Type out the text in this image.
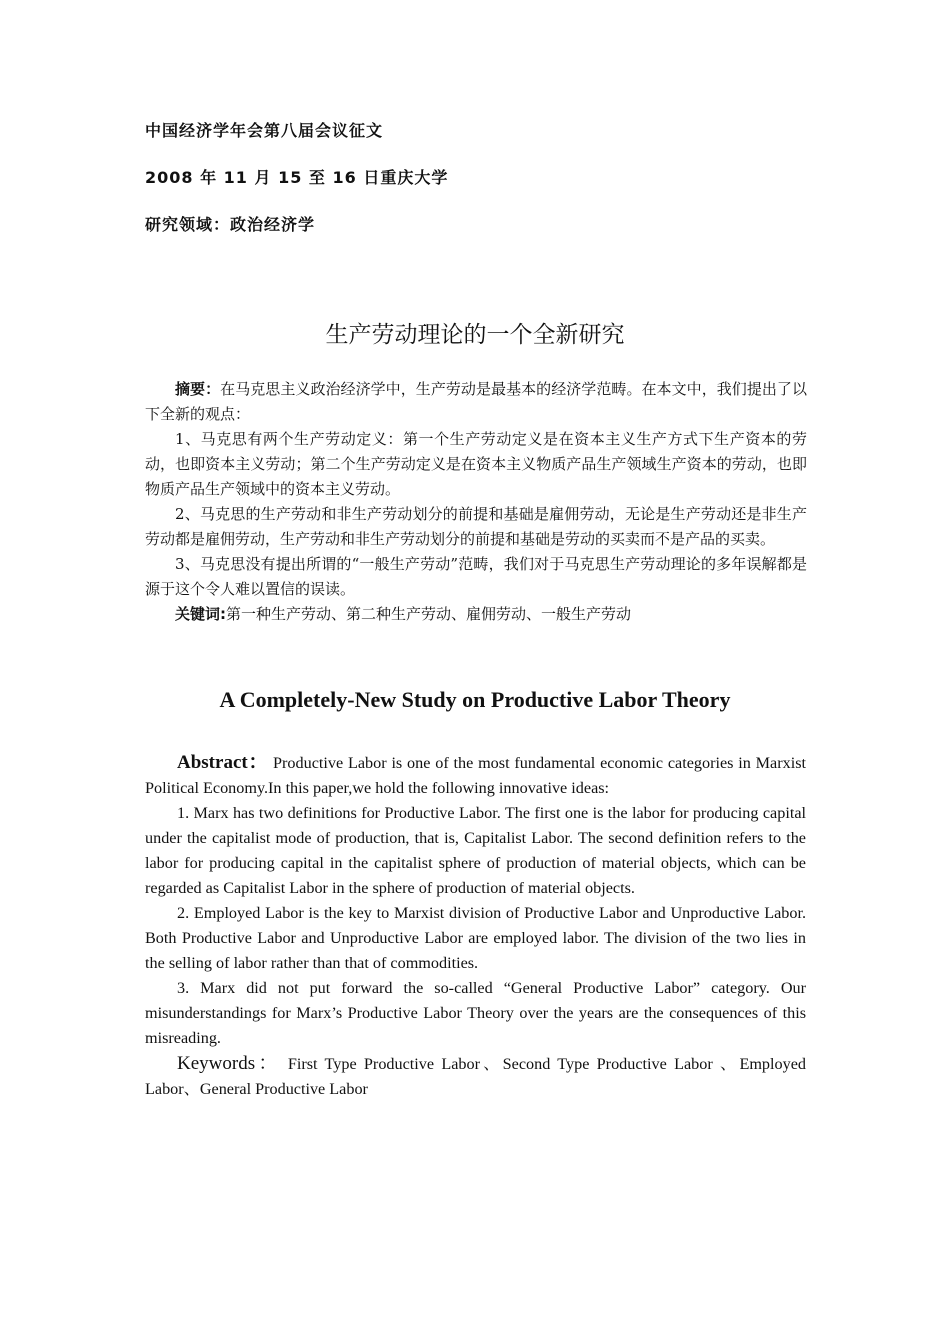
中国经济学年会第八届会议征文
2008 年 11 月 15 至 16 日重庆大学
研究领域：政治经济学
生产劳动理论的一个全新研究

摘要：在马克思主义政治经济学中，生产劳动是最基本的经济学范畴。在本文中，我们提出了以下全新的观点：

1、马克思有两个生产劳动定义：第一个生产劳动定义是在资本主义生产方式下生产资本的劳动，也即资本主义劳动；第二个生产劳动定义是在资本主义物质产品生产领域生产资本的劳动，也即物质产品生产领域中的资本主义劳动。

2、马克思的生产劳动和非生产劳动划分的前提和基础是雇佣劳动，无论是生产劳动还是非生产劳动都是雇佣劳动，生产劳动和非生产劳动划分的前提和基础是劳动的买卖而不是产品的买卖。

3、马克思没有提出所谓的“一般生产劳动”范畴，我们对于马克思生产劳动理论的多年误解都是源于这个令人难以置信的误读。

关键词:第一种生产劳动、第二种生产劳动、雇佣劳动、一般生产劳动

A Completely-New Study on Productive Labor Theory

Abstract： Productive Labor is one of the most fundamental economic categories in Marxist Political Economy.In this paper,we hold the following innovative ideas:

1. Marx has two definitions for Productive Labor. The first one is the labor for producing capital under the capitalist mode of production, that is, Capitalist Labor. The second definition refers to the labor for producing capital in the capitalist sphere of production of material objects, which can be regarded as Capitalist Labor in the sphere of production of material objects.

2. Employed Labor is the key to Marxist division of Productive Labor and Unproductive Labor. Both Productive Labor and Unproductive Labor are employed labor. The division of the two lies in the selling of labor rather than that of commodities.

3. Marx did not put forward the so-called “General Productive Labor” category. Our misunderstandings for Marx’s Productive Labor Theory over the years are the consequences of this misreading.

Keywords： First Type Productive Labor、Second Type Productive Labor 、Employed Labor、General Productive Labor
